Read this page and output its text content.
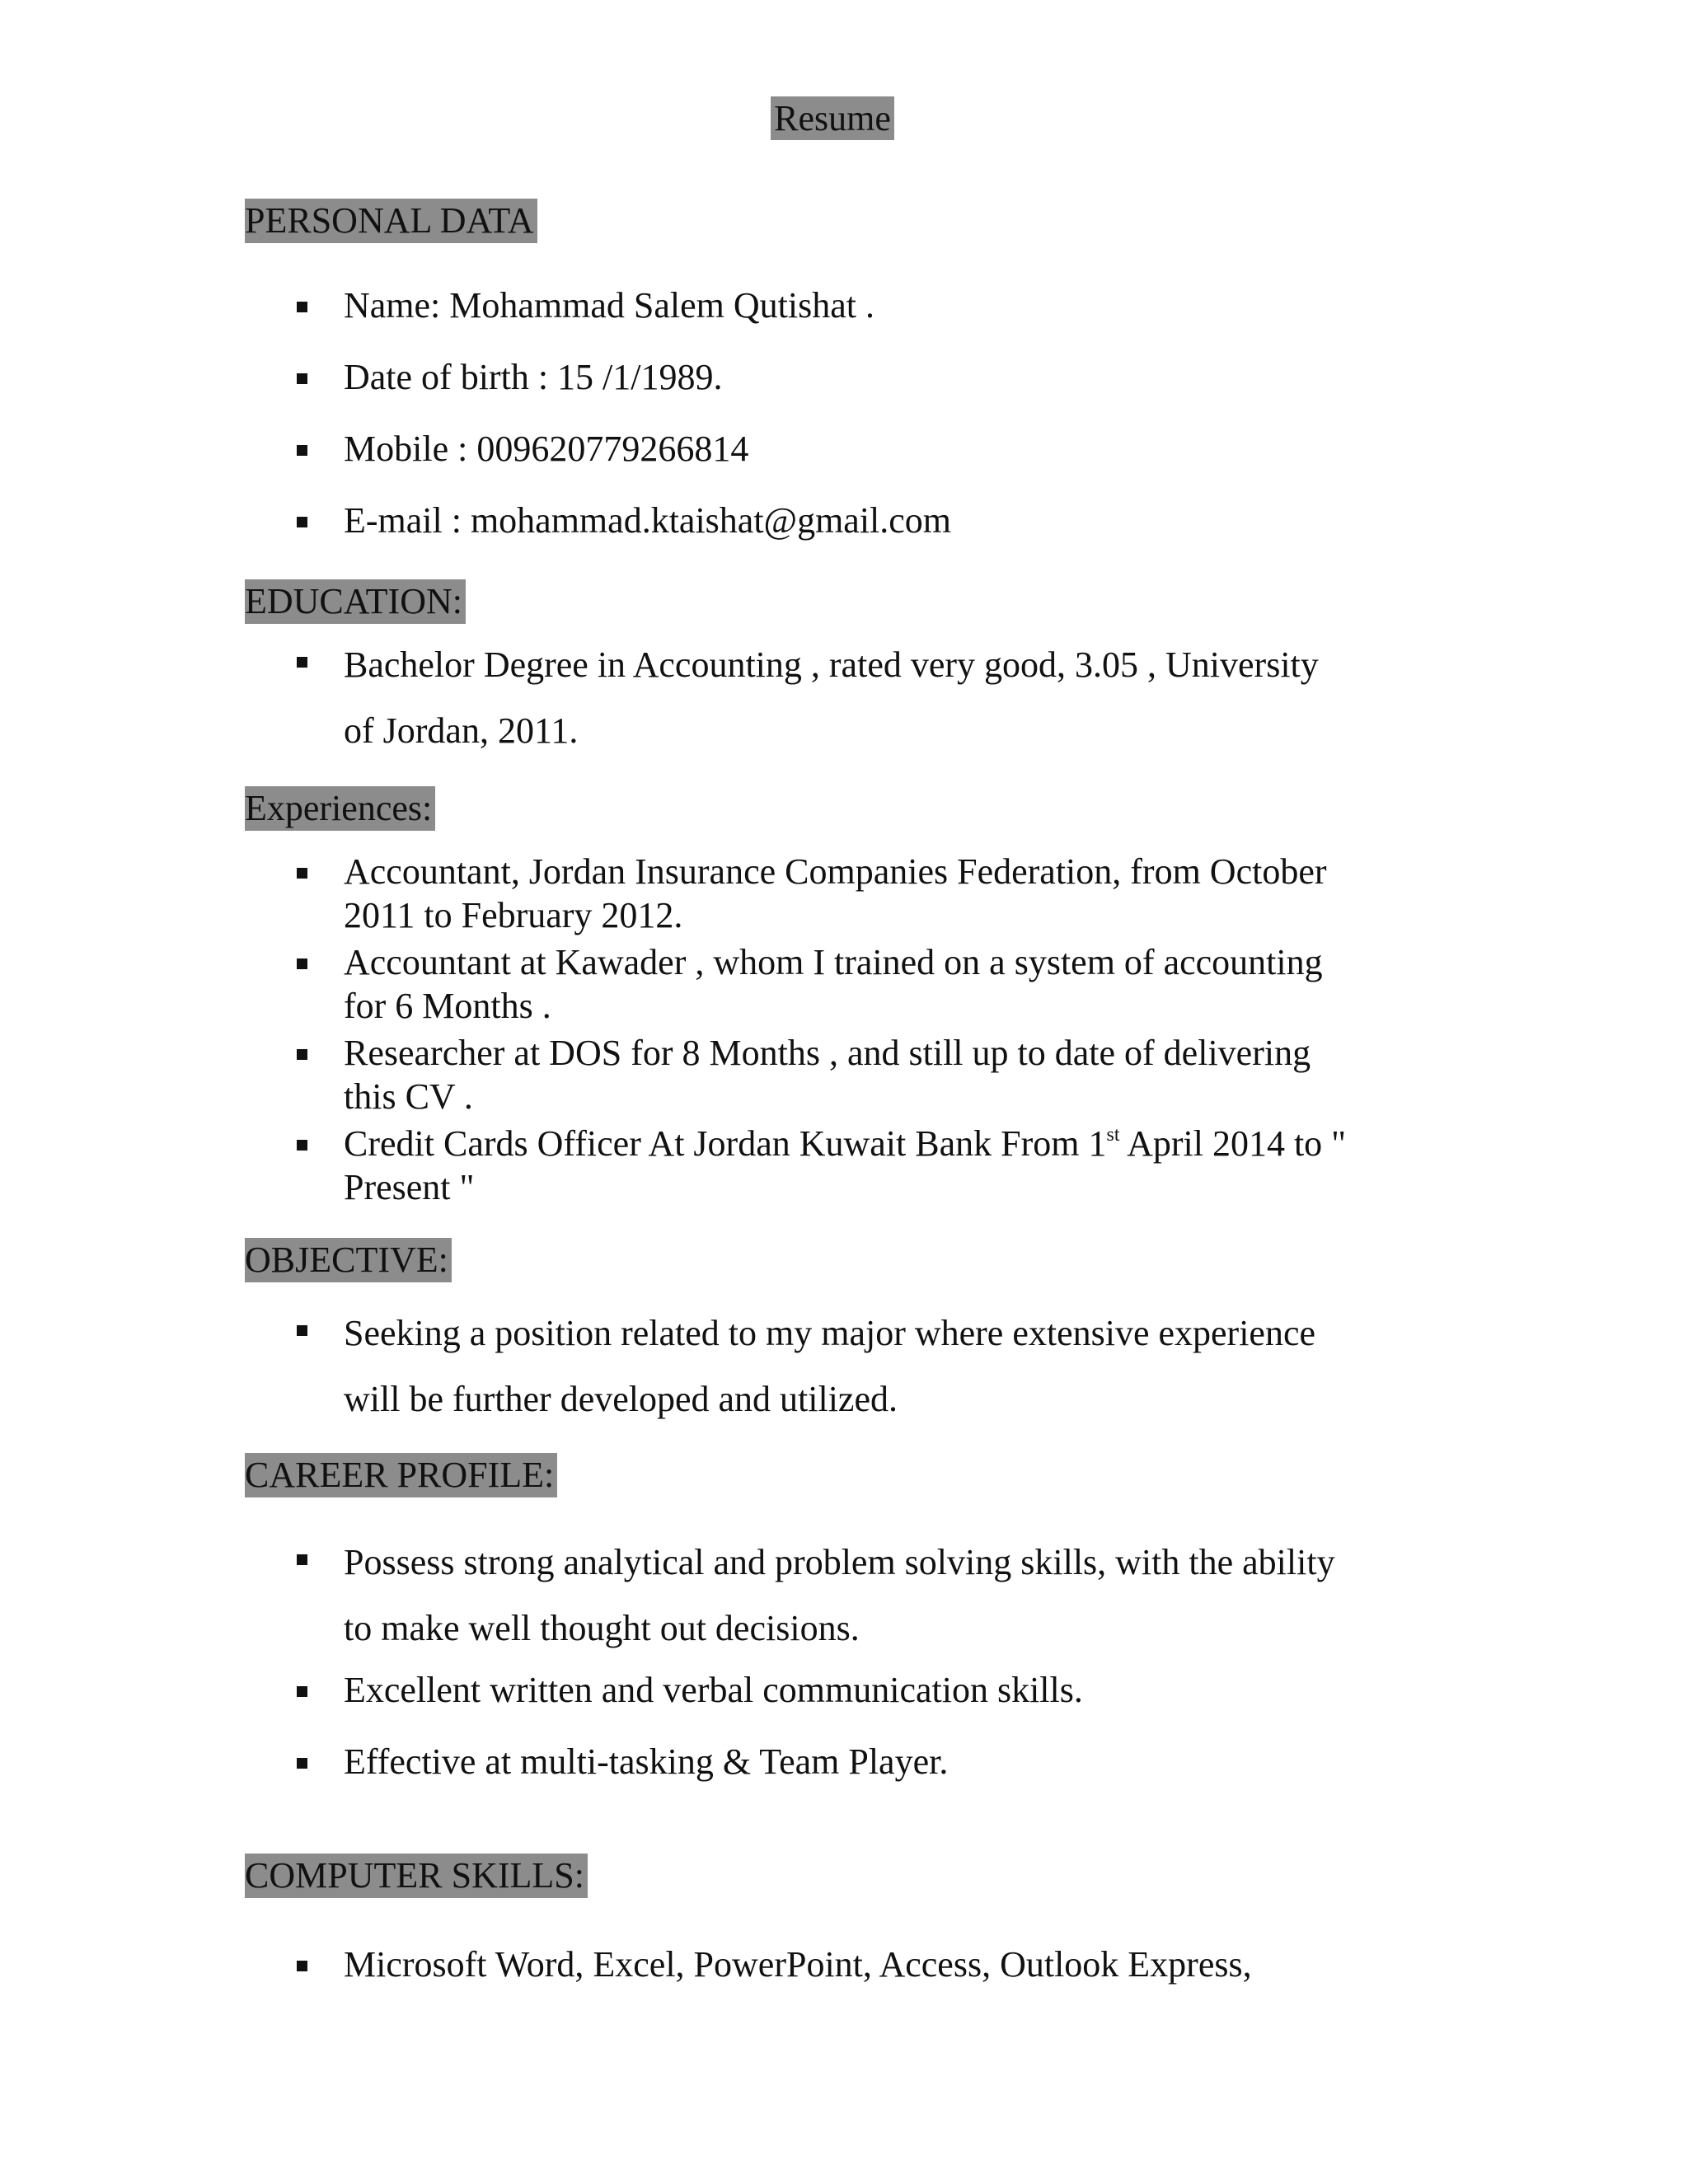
Resume
PERSONAL DATA
Name: Mohammad Salem Qutishat .
Date of birth : 15 /1/1989.
Mobile : 009620779266814
E-mail : mohammad.ktaishat@gmail.com
EDUCATION:
Bachelor Degree in Accounting , rated very good, 3.05 , University
of Jordan, 2011.
Experiences:
Accountant, Jordan Insurance Companies Federation, from October
2011 to February 2012.
Accountant at Kawader , whom I trained on a system of accounting
for 6 Months .
Researcher at DOS for 8 Months , and still up to date of delivering
this CV .
Credit Cards Officer At Jordan Kuwait Bank From 1st April 2014 to "
Present "
OBJECTIVE:
Seeking a position related to my major where extensive experience
will be further developed and utilized.
CAREER PROFILE:
Possess strong analytical and problem solving skills, with the ability
to make well thought out decisions.
Excellent written and verbal communication skills.
Effective at multi-tasking & Team Player.
COMPUTER SKILLS:
Microsoft Word, Excel, PowerPoint, Access, Outlook Express,
